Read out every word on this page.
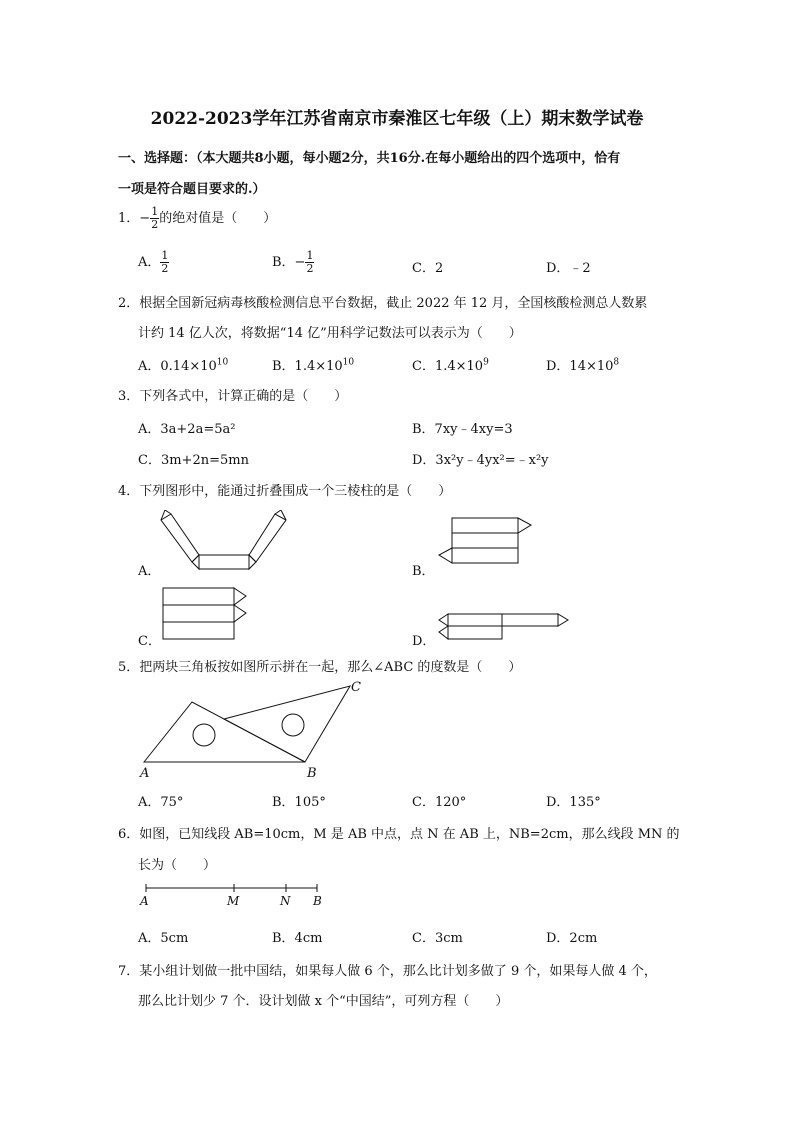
2022-2023学年江苏省南京市秦淮区七年级（上）期末数学试卷
一、选择题：（本大题共8小题，每小题2分，共16分.在每小题给出的四个选项中，恰有
一项是符合题目要求的.）
1．− $\frac{1}{2}$ 的绝对值是（　　）
A． $\frac{1}{2}$	B．− $\frac{1}{2}$	C．2	D．﹣2
2．根据全国新冠病毒核酸检测信息平台数据，截止 2022 年 12 月，全国核酸检测总人数累
计约 14 亿人次，将数据“14 亿”用科学记数法可以表示为（　　）
A．$0.14\times 10^{10}$	B．$1.4\times 10^{10}$	C．$1.4\times 10^9$	D．$14\times 10^8$
3．下列各式中，计算正确的是（　　）
A．3a+2a=5a²	B．7xy﹣4xy=3
C．3m+2n=5mn	D．3x²y﹣4yx²=﹣x²y
4．下列图形中，能通过折叠围成一个三棱柱的是（　　）
A．	B．
C．	D．
5．把两块三角板按如图所示拼在一起，那么∠ABC 的度数是（　　）
A	B
C
A．75°	B．105°	C．120°	D．135°
6．如图，已知线段 AB=10cm，M 是 AB 中点，点 N 在 AB 上，NB=2cm，那么线段 MN 的
长为（　　）
A	M	N B
A．5cm	B．4cm	C．3cm	D．2cm
7．某小组计划做一批中国结，如果每人做 6 个，那么比计划多做了 9 个，如果每人做 4 个，
那么比计划少 7 个．设计划做 x 个“中国结”，可列方程（　　）
